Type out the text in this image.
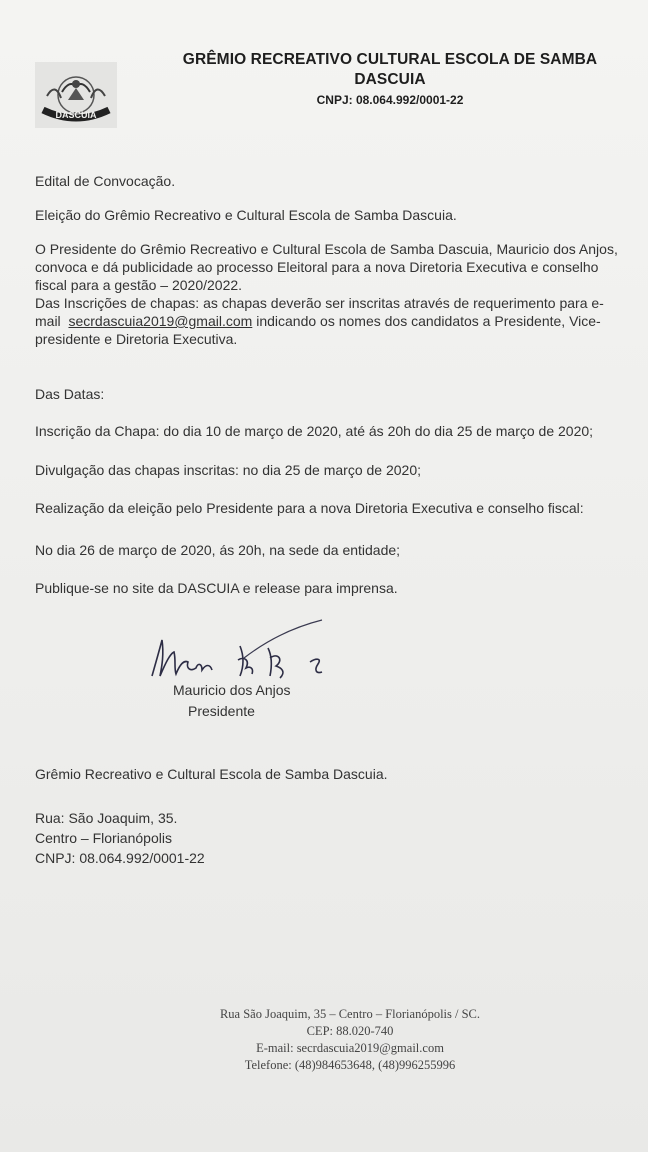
DASCUIA
GRÊMIO RECREATIVO CULTURAL ESCOLA DE SAMBA
DASCUIA
CNPJ: 08.064.992/0001-22
Edital de Convocação.
Eleição do Grêmio Recreativo e Cultural Escola de Samba Dascuia.
O Presidente do Grêmio Recreativo e Cultural Escola de Samba Dascuia, Mauricio dos Anjos,
convoca e dá publicidade ao processo Eleitoral para a nova Diretoria Executiva e conselho
fiscal para a gestão – 2020/2022.
Das Inscrições de chapas: as chapas deverão ser inscritas através de requerimento para e-
mail secrdascuia2019@gmail.com indicando os nomes dos candidatos a Presidente, Vice-
presidente e Diretoria Executiva.
Das Datas:
Inscrição da Chapa: do dia 10 de março de 2020, até ás 20h do dia 25 de março de 2020;
Divulgação das chapas inscritas: no dia 25 de março de 2020;
Realização da eleição pelo Presidente para a nova Diretoria Executiva e conselho fiscal:
No dia 26 de março de 2020, ás 20h, na sede da entidade;
Publique-se no site da DASCUIA e release para imprensa.
Mauricio dos Anjos
Presidente
Grêmio Recreativo e Cultural Escola de Samba Dascuia.
Rua: São Joaquim, 35.
Centro – Florianópolis
CNPJ: 08.064.992/0001-22
Rua São Joaquim, 35 – Centro – Florianópolis / SC.
CEP: 88.020-740
E-mail: secrdascuia2019@gmail.com
Telefone: (48)984653648, (48)996255996
